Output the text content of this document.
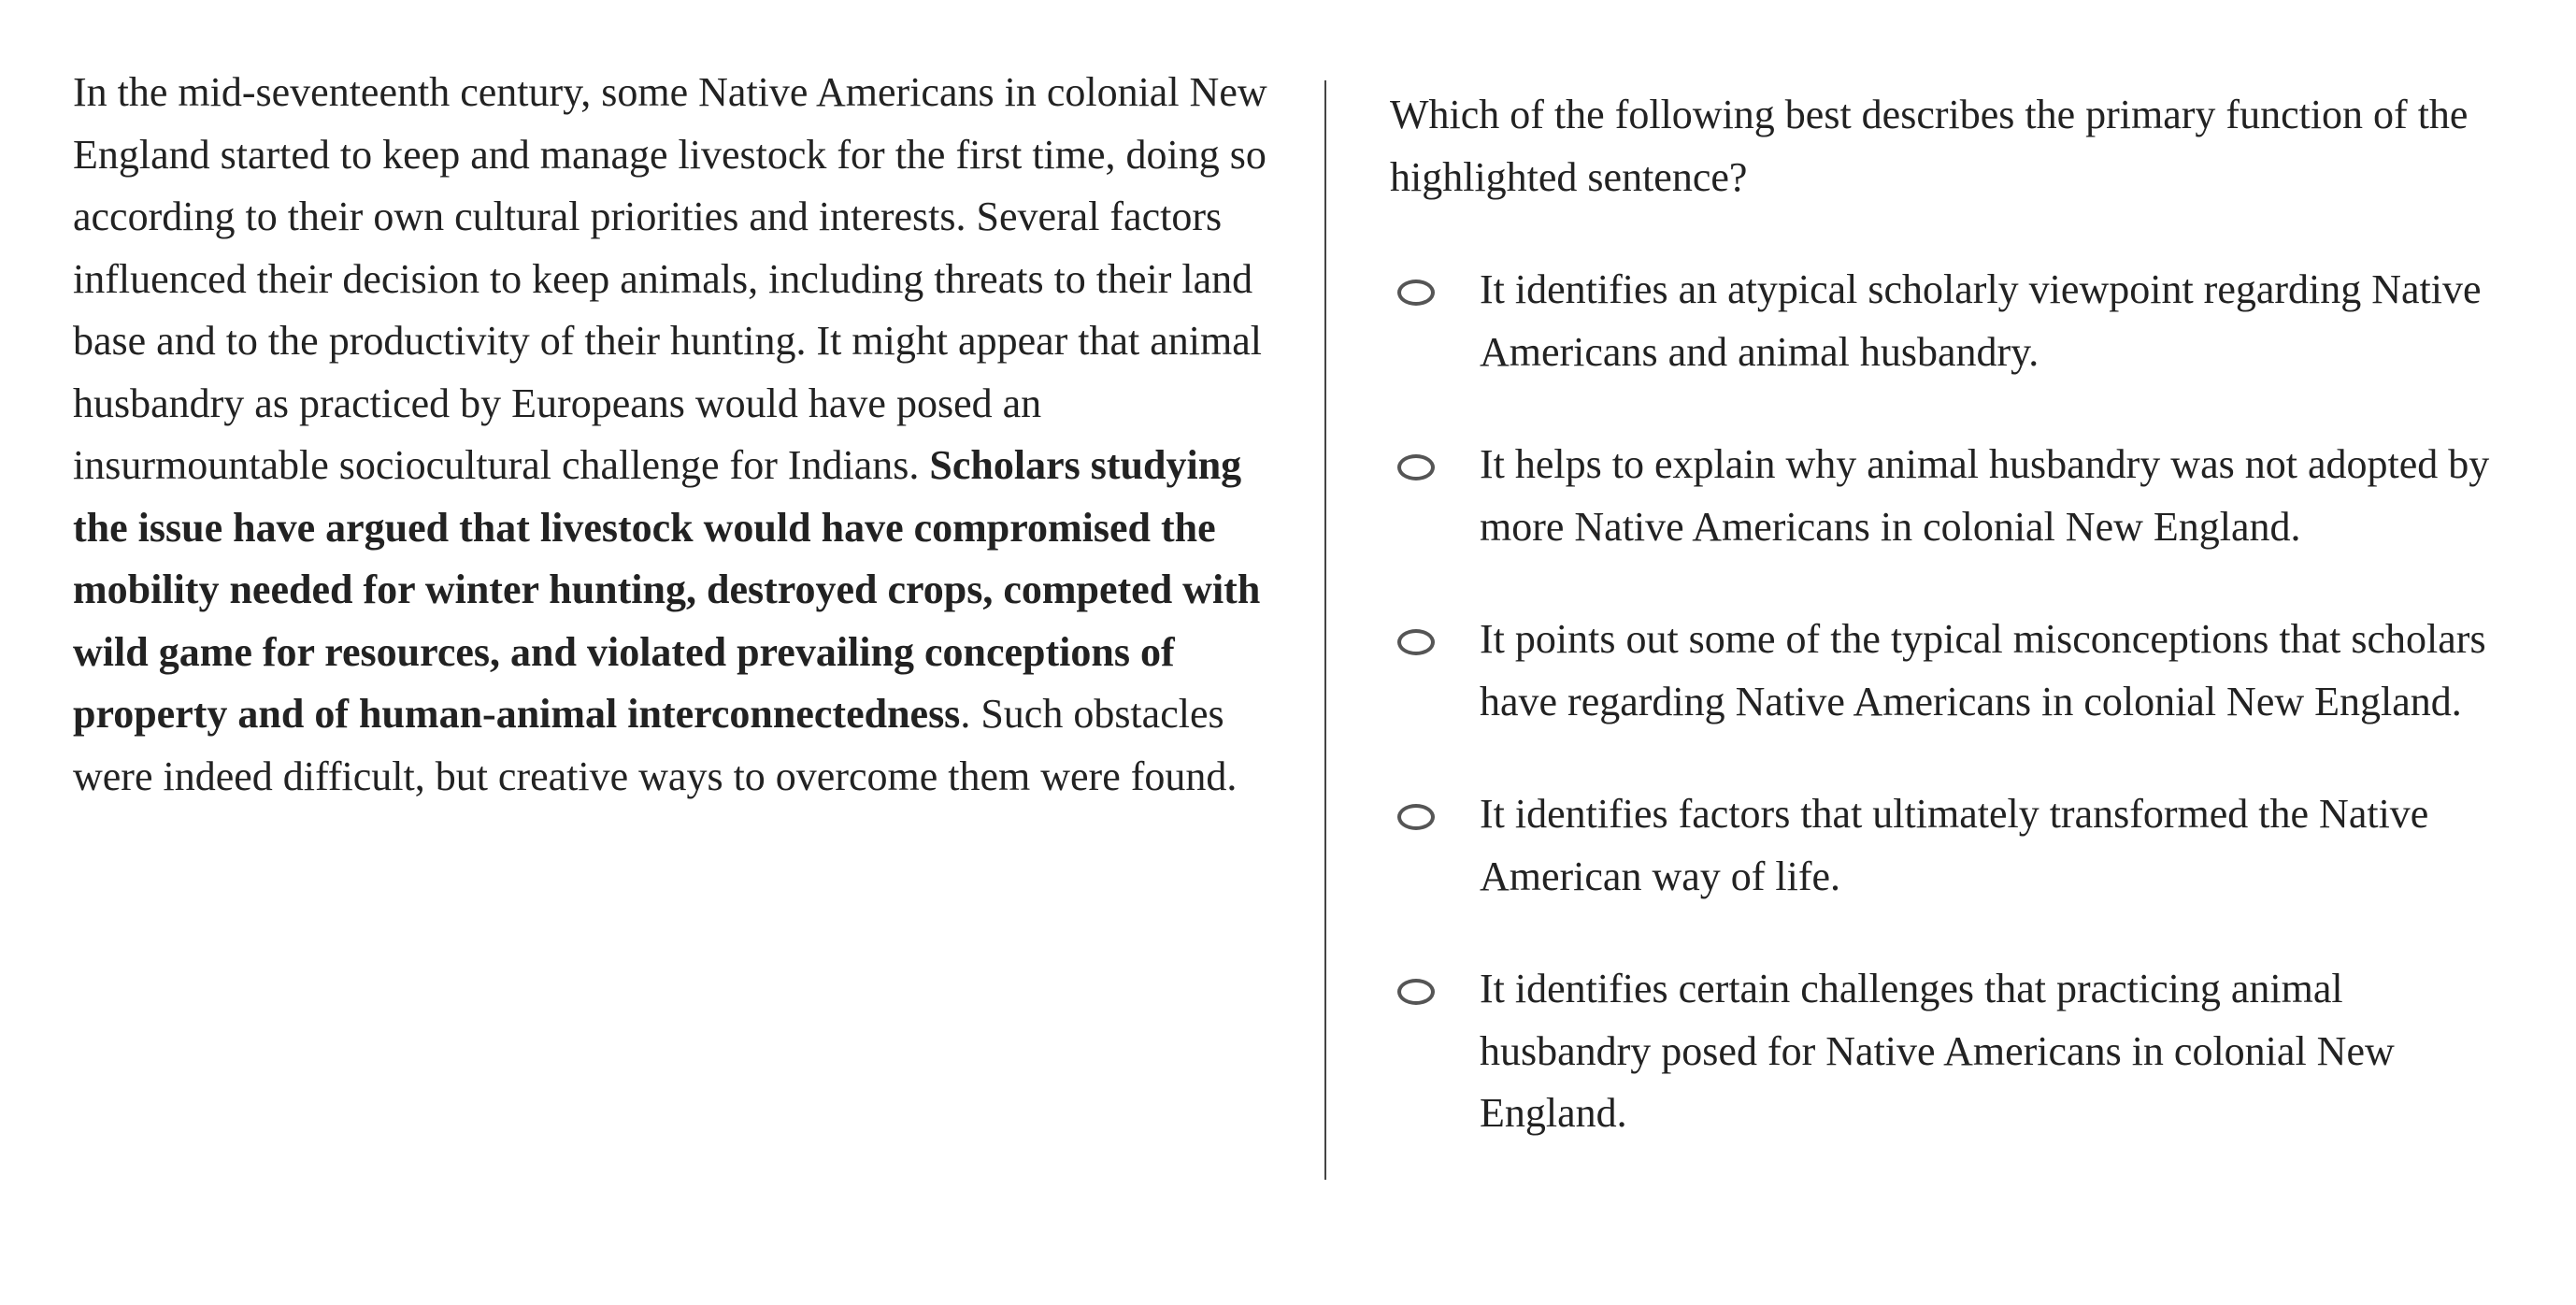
In the mid-seventeenth century, some Native Americans in colonial New England started to keep and manage livestock for the first time, doing so according to their own cultural priorities and interests. Several factors influenced their decision to keep animals, including threats to their land base and to the productivity of their hunting. It might appear that animal husbandry as practiced by Europeans would have posed an insurmountable sociocultural challenge for Indians. Scholars studying the issue have argued that livestock would have compromised the mobility needed for winter hunting, destroyed crops, competed with wild game for resources, and violated prevailing conceptions of property and of human-animal interconnectedness. Such obstacles were indeed difficult, but creative ways to overcome them were found.

Which of the following best describes the primary function of the highlighted sentence?

It identifies an atypical scholarly viewpoint regarding Native Americans and animal husbandry.
It helps to explain why animal husbandry was not adopted by more Native Americans in colonial New England.
It points out some of the typical misconceptions that scholars have regarding Native Americans in colonial New England.
It identifies factors that ultimately transformed the Native American way of life.
It identifies certain challenges that practicing animal husbandry posed for Native Americans in colonial New England.
